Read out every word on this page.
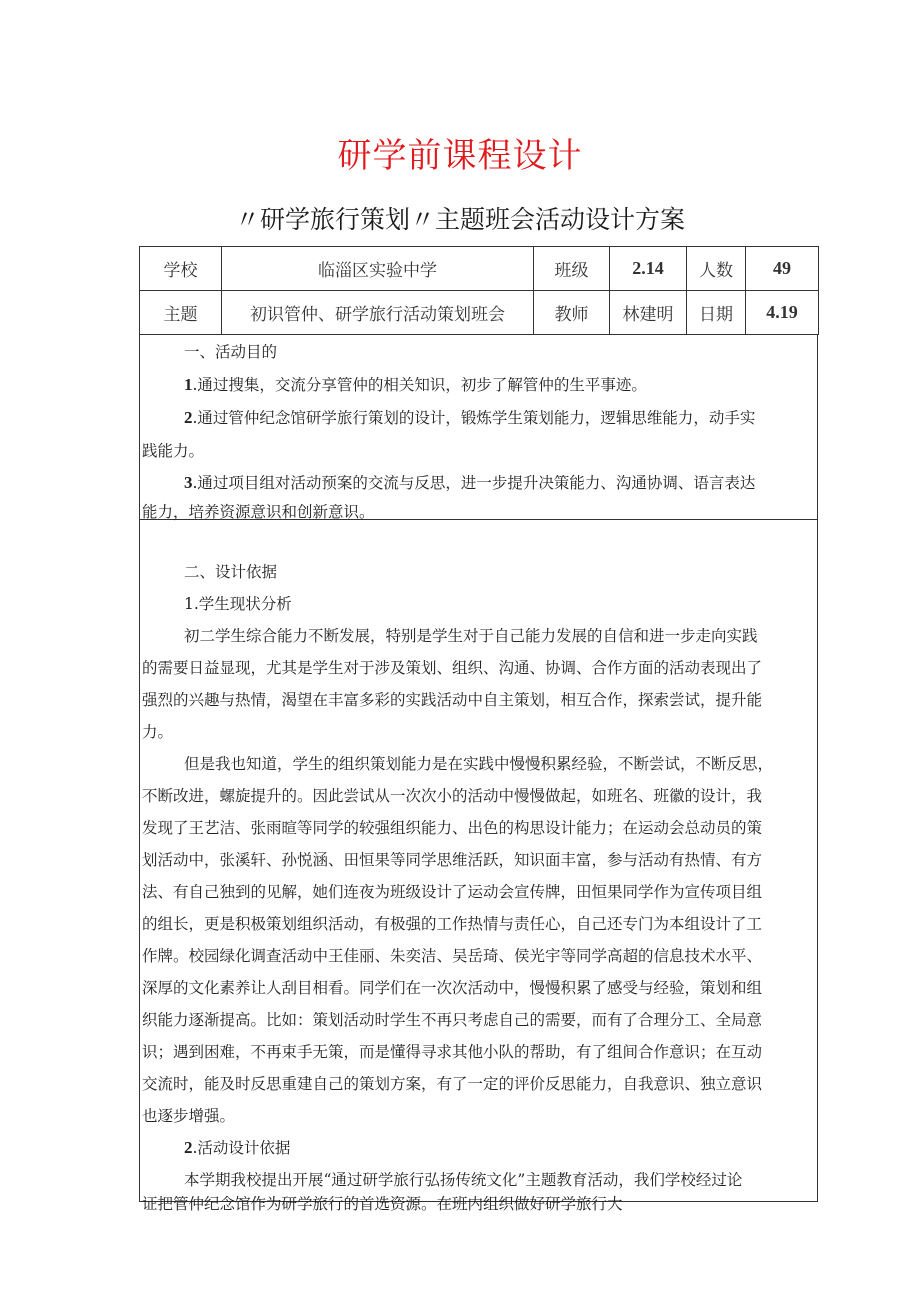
研学前课程设计
〃研学旅行策划〃主题班会活动设计方案
学校	临淄区实验中学	班级	2.14	人数	49
主题	初识管仲、研学旅行活动策划班会	教师	林建明	日期	4.19
一、活动目的
1.通过搜集，交流分享管仲的相关知识，初步了解管仲的生平事迹。
2.通过管仲纪念馆研学旅行策划的设计，锻炼学生策划能力，逻辑思维能力，动手实
践能力。
3.通过项目组对活动预案的交流与反思，进一步提升决策能力、沟通协调、语言表达
能力，培养资源意识和创新意识。
二、设计依据
1.学生现状分析
初二学生综合能力不断发展，特别是学生对于自己能力发展的自信和进一步走向实践
的需要日益显现，尤其是学生对于涉及策划、组织、沟通、协调、合作方面的活动表现出了
强烈的兴趣与热情，渴望在丰富多彩的实践活动中自主策划，相互合作，探索尝试，提升能
力。
但是我也知道，学生的组织策划能力是在实践中慢慢积累经验，不断尝试，不断反思，
不断改进，螺旋提升的。因此尝试从一次次小的活动中慢慢做起，如班名、班徽的设计，我
发现了王艺洁、张雨暄等同学的较强组织能力、出色的构思设计能力；在运动会总动员的策
划活动中，张溪轩、孙悦涵、田恒果等同学思维活跃，知识面丰富，参与活动有热情、有方
法、有自己独到的见解，她们连夜为班级设计了运动会宣传牌，田恒果同学作为宣传项目组
的组长，更是积极策划组织活动，有极强的工作热情与责任心，自己还专门为本组设计了工
作牌。校园绿化调查活动中王佳丽、朱奕洁、吴岳琦、侯光宇等同学高超的信息技术水平、
深厚的文化素养让人刮目相看。同学们在一次次活动中，慢慢积累了感受与经验，策划和组
织能力逐渐提高。比如：策划活动时学生不再只考虑自己的需要，而有了合理分工、全局意
识；遇到困难，不再束手无策，而是懂得寻求其他小队的帮助，有了组间合作意识；在互动
交流时，能及时反思重建自己的策划方案，有了一定的评价反思能力，自我意识、独立意识
也逐步增强。
2.活动设计依据
本学期我校提出开展“通过研学旅行弘扬传统文化”主题教育活动，我们学校经过论
证把管仲纪念馆作为研学旅行的首选资源。在班内组织做好研学旅行大
